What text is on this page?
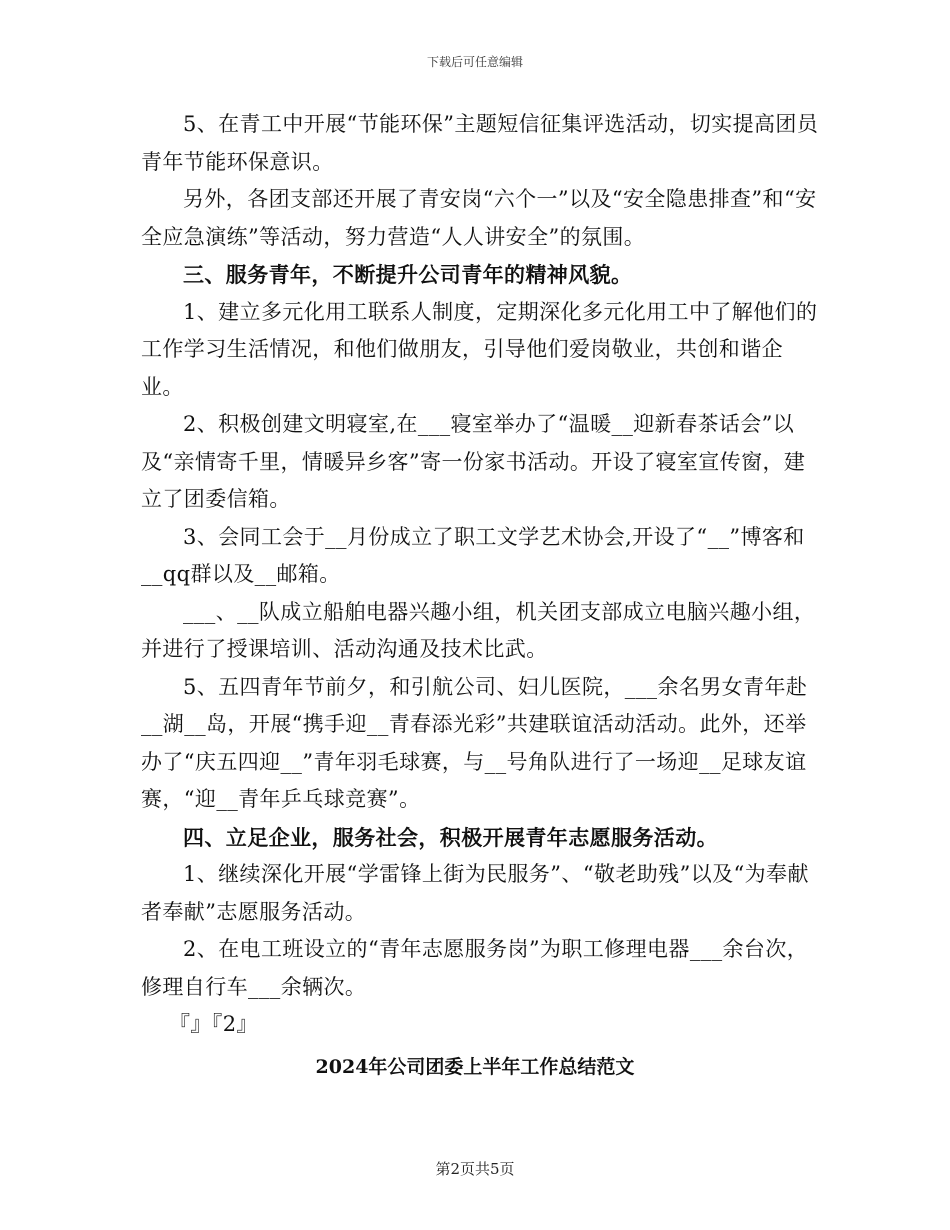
下载后可任意编辑

5、在青工中开展“节能环保”主题短信征集评选活动，切实提高团员青年节能环保意识。

另外，各团支部还开展了青安岗“六个一”以及“安全隐患排查”和“安全应急演练”等活动，努力营造“人人讲安全”的氛围。

三、服务青年，不断提升公司青年的精神风貌。

1、建立多元化用工联系人制度，定期深化多元化用工中了解他们的工作学习生活情况，和他们做朋友，引导他们爱岗敬业，共创和谐企业。

2、积极创建文明寝室,在___寝室举办了“温暖__迎新春茶话会”以及“亲情寄千里，情暖异乡客”寄一份家书活动。开设了寝室宣传窗，建立了团委信箱。

3、会同工会于__月份成立了职工文学艺术协会,开设了“__”博客和__qq群以及__邮箱。

___、__队成立船舶电器兴趣小组，机关团支部成立电脑兴趣小组，并进行了授课培训、活动沟通及技术比武。

5、五四青年节前夕，和引航公司、妇儿医院，___余名男女青年赴__湖__岛，开展“携手迎__青春添光彩”共建联谊活动活动。此外，还举办了“庆五四迎__”青年羽毛球赛，与__号角队进行了一场迎__足球友谊赛，“迎__青年乒乓球竞赛”。

四、立足企业，服务社会，积极开展青年志愿服务活动。

1、继续深化开展“学雷锋上街为民服务”、“敬老助残”以及“为奉献者奉献”志愿服务活动。

2、在电工班设立的“青年志愿服务岗”为职工修理电器___余台次，修理自行车___余辆次。

『』『2』

2024年公司团委上半年工作总结范文
第2页共5页
